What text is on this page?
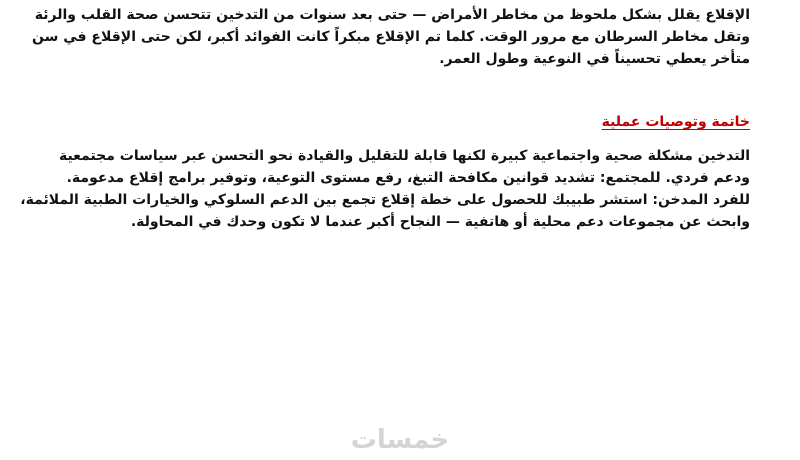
الإقلاع يقلل بشكل ملحوظ من مخاطر الأمراض — حتى بعد سنوات من التدخين تتحسن صحة القلب والرئة
وتقل مخاطر السرطان مع مرور الوقت. كلما تم الإقلاع مبكراً كانت الفوائد أكبر، لكن حتى الإقلاع في سن
متأخر يعطي تحسيناً في النوعية وطول العمر.
خاتمة وتوصيات عملية
التدخين مشكلة صحية واجتماعية كبيرة لكنها قابلة للتقليل والقيادة نحو التحسن عبر سياسات مجتمعية
ودعم فردي. للمجتمع: تشديد قوانين مكافحة التبغ، رفع مستوى التوعية، وتوفير برامج إقلاع مدعومة.
للفرد المدخن: استشر طبيبك للحصول على خطة إقلاع تجمع بين الدعم السلوكي والخيارات الطبية الملائمة،
وابحث عن مجموعات دعم محلية أو هاتفية — النجاح أكبر عندما لا تكون وحدك في المحاولة.
خمسات
